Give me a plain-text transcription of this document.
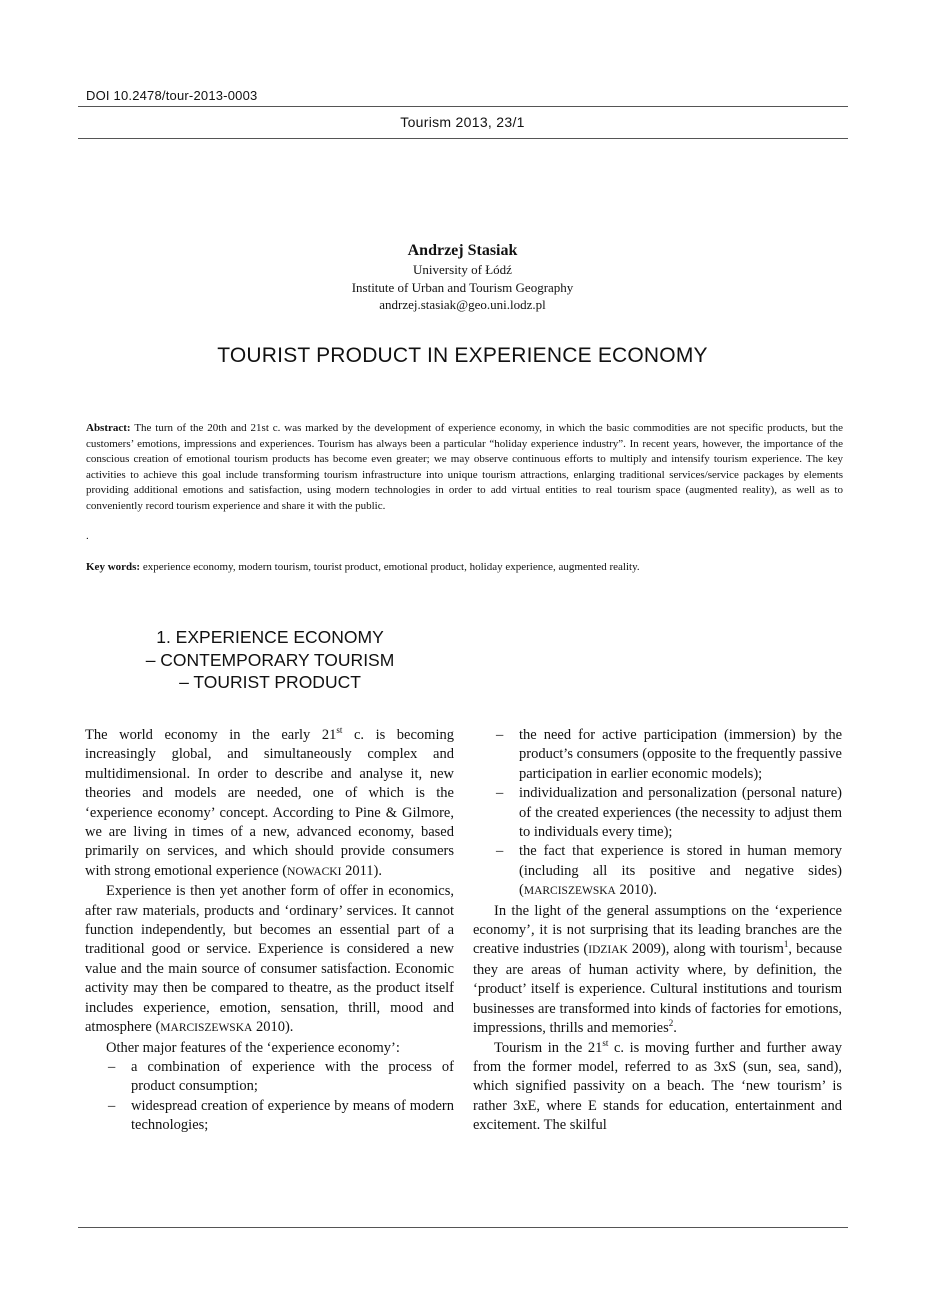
DOI 10.2478/tour-2013-0003
Tourism 2013, 23/1
Andrzej Stasiak
University of Łódź
Institute of Urban and Tourism Geography
andrzej.stasiak@geo.uni.lodz.pl
TOURIST PRODUCT IN EXPERIENCE ECONOMY
Abstract: The turn of the 20th and 21st c. was marked by the development of experience economy, in which the basic commodities are not specific products, but the customers’ emotions, impressions and experiences. Tourism has always been a particular “holiday experience industry”. In recent years, however, the importance of the conscious creation of emotional tourism products has become even greater; we may observe continuous efforts to multiply and intensify tourism experience. The key activities to achieve this goal include transforming tourism infrastructure into unique tourism attractions, enlarging traditional services/service packages by elements providing additional emotions and satisfaction, using modern technologies in order to add virtual entities to real tourism space (augmented reality), as well as to conveniently record tourism experience and share it with the public.
.
Key words: experience economy, modern tourism, tourist product, emotional product, holiday experience, augmented reality.
1. EXPERIENCE ECONOMY
– CONTEMPORARY TOURISM
– TOURIST PRODUCT
The world economy in the early 21st c. is becoming increasingly global, and simultaneously complex and multidimensional. In order to describe and analyse it, new theories and models are needed, one of which is the ‘experience economy’ concept. According to Pine & Gilmore, we are living in times of a new, advanced economy, based primarily on services, and which should provide consumers with strong emotional experience (NOWACKI 2011).
Experience is then yet another form of offer in economics, after raw materials, products and ‘ordinary’ services. It cannot function independently, but becomes an essential part of a traditional good or service. Experience is considered a new value and the main source of consumer satisfaction. Economic activity may then be compared to theatre, as the product itself includes experience, emotion, sensation, thrill, mood and atmosphere (MARCISZEWSKA 2010).
Other major features of the ‘experience economy’:
– a combination of experience with the process of product consumption;
– widespread creation of experience by means of modern technologies;
– the need for active participation (immersion) by the product’s consumers (opposite to the frequently passive participation in earlier economic models);
– individualization and personalization (personal nature) of the created experiences (the necessity to adjust them to individuals every time);
– the fact that experience is stored in human memory (including all its positive and negative sides) (MARCISZEWSKA 2010).
In the light of the general assumptions on the ‘experience economy’, it is not surprising that its leading branches are the creative industries (IDZIAK 2009), along with tourism$^1$, because they are areas of human activity where, by definition, the ‘product’ itself is experience. Cultural institutions and tourism businesses are transformed into kinds of factories for emotions, impressions, thrills and memories$^2$.
Tourism in the 21st c. is moving further and further away from the former model, referred to as 3xS (sun, sea, sand), which signified passivity on a beach. The ‘new tourism’ is rather 3xE, where E stands for education, entertainment and excitement. The skilful
